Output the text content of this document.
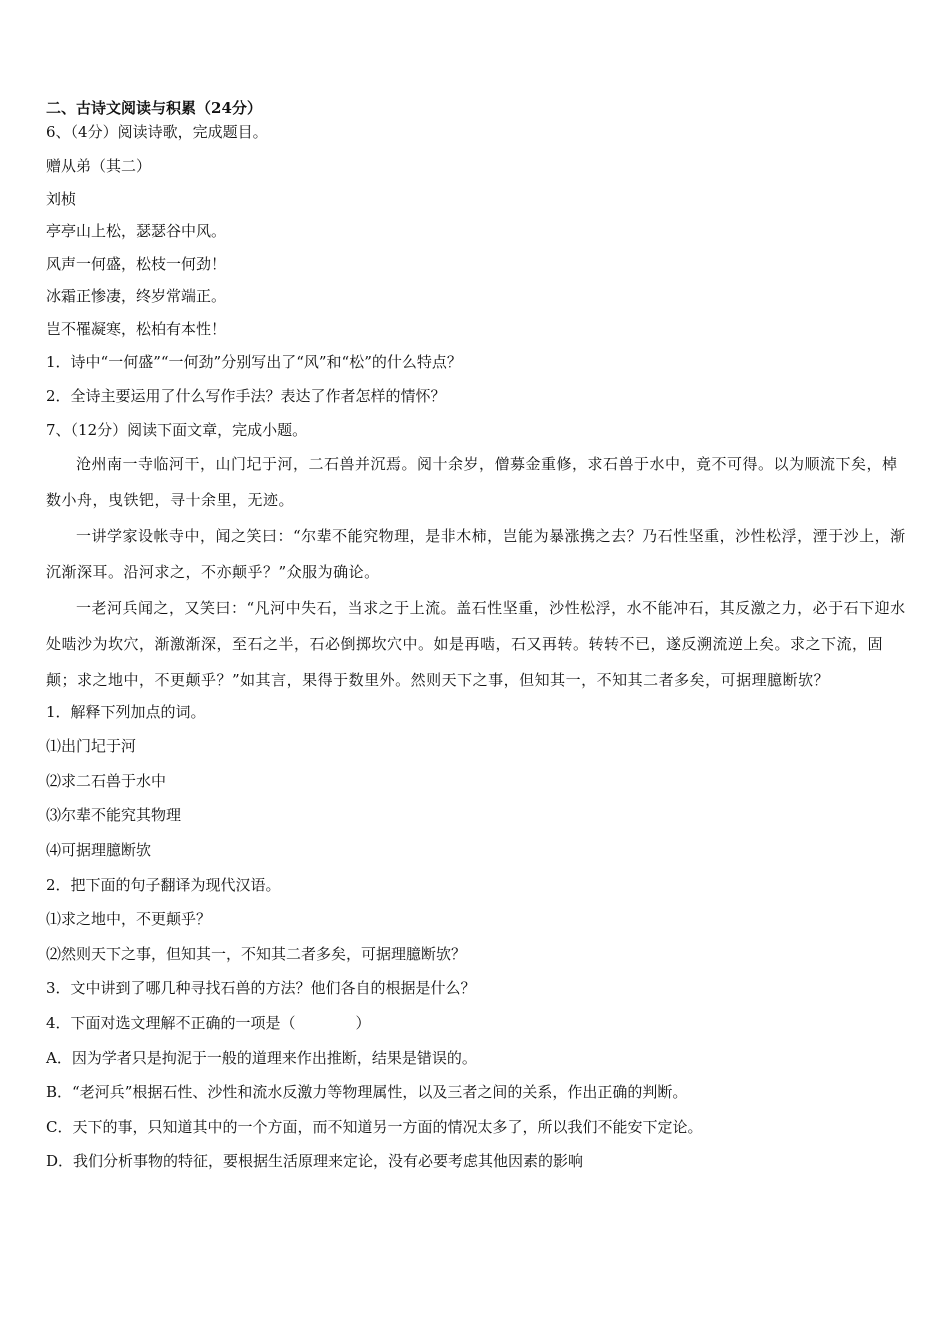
二、古诗文阅读与积累（24分）

6、（4分）阅读诗歌，完成题目。

赠从弟（其二）

刘桢

亭亭山上松，瑟瑟谷中风。

风声一何盛，松枝一何劲！

冰霜正惨凄，终岁常端正。

岂不罹凝寒，松柏有本性！

1．诗中“一何盛”“一何劲”分别写出了“风”和“松”的什么特点？

2．全诗主要运用了什么写作手法？表达了作者怎样的情怀？

7、（12分）阅读下面文章，完成小题。

沧州南一寺临河干，山门圮于河，二石兽并沉焉。阅十余岁，僧募金重修，求石兽于水中，竟不可得。以为顺流下矣，棹数小舟，曳铁钯，寻十余里，无迹。

一讲学家设帐寺中，闻之笑曰：“尔辈不能究物理，是非木柿，岂能为暴涨携之去？乃石性坚重，沙性松浮，湮于沙上，渐沉渐深耳。沿河求之，不亦颠乎？”众服为确论。

一老河兵闻之，又笑曰：“凡河中失石，当求之于上流。盖石性坚重，沙性松浮，水不能冲石，其反激之力，必于石下迎水处啮沙为坎穴，渐激渐深，至石之半，石必倒掷坎穴中。如是再啮，石又再转。转转不已，遂反溯流逆上矣。求之下流，固颠；求之地中，不更颠乎？”如其言，果得于数里外。然则天下之事，但知其一，不知其二者多矣，可据理臆断欤？

1．解释下列加点的词。

⑴出门圮于河

⑵求二石兽于水中

⑶尔辈不能究其物理

⑷可据理臆断欤

2．把下面的句子翻译为现代汉语。

⑴求之地中，不更颠乎？

⑵然则天下之事，但知其一，不知其二者多矣，可据理臆断欤？

3．文中讲到了哪几种寻找石兽的方法？他们各自的根据是什么？

4．下面对选文理解不正确的一项是（	）

A．因为学者只是拘泥于一般的道理来作出推断，结果是错误的。

B．“老河兵”根据石性、沙性和流水反激力等物理属性，以及三者之间的关系，作出正确的判断。

C．天下的事，只知道其中的一个方面，而不知道另一方面的情况太多了，所以我们不能安下定论。

D．我们分析事物的特征，要根据生活原理来定论，没有必要考虑其他因素的影响
